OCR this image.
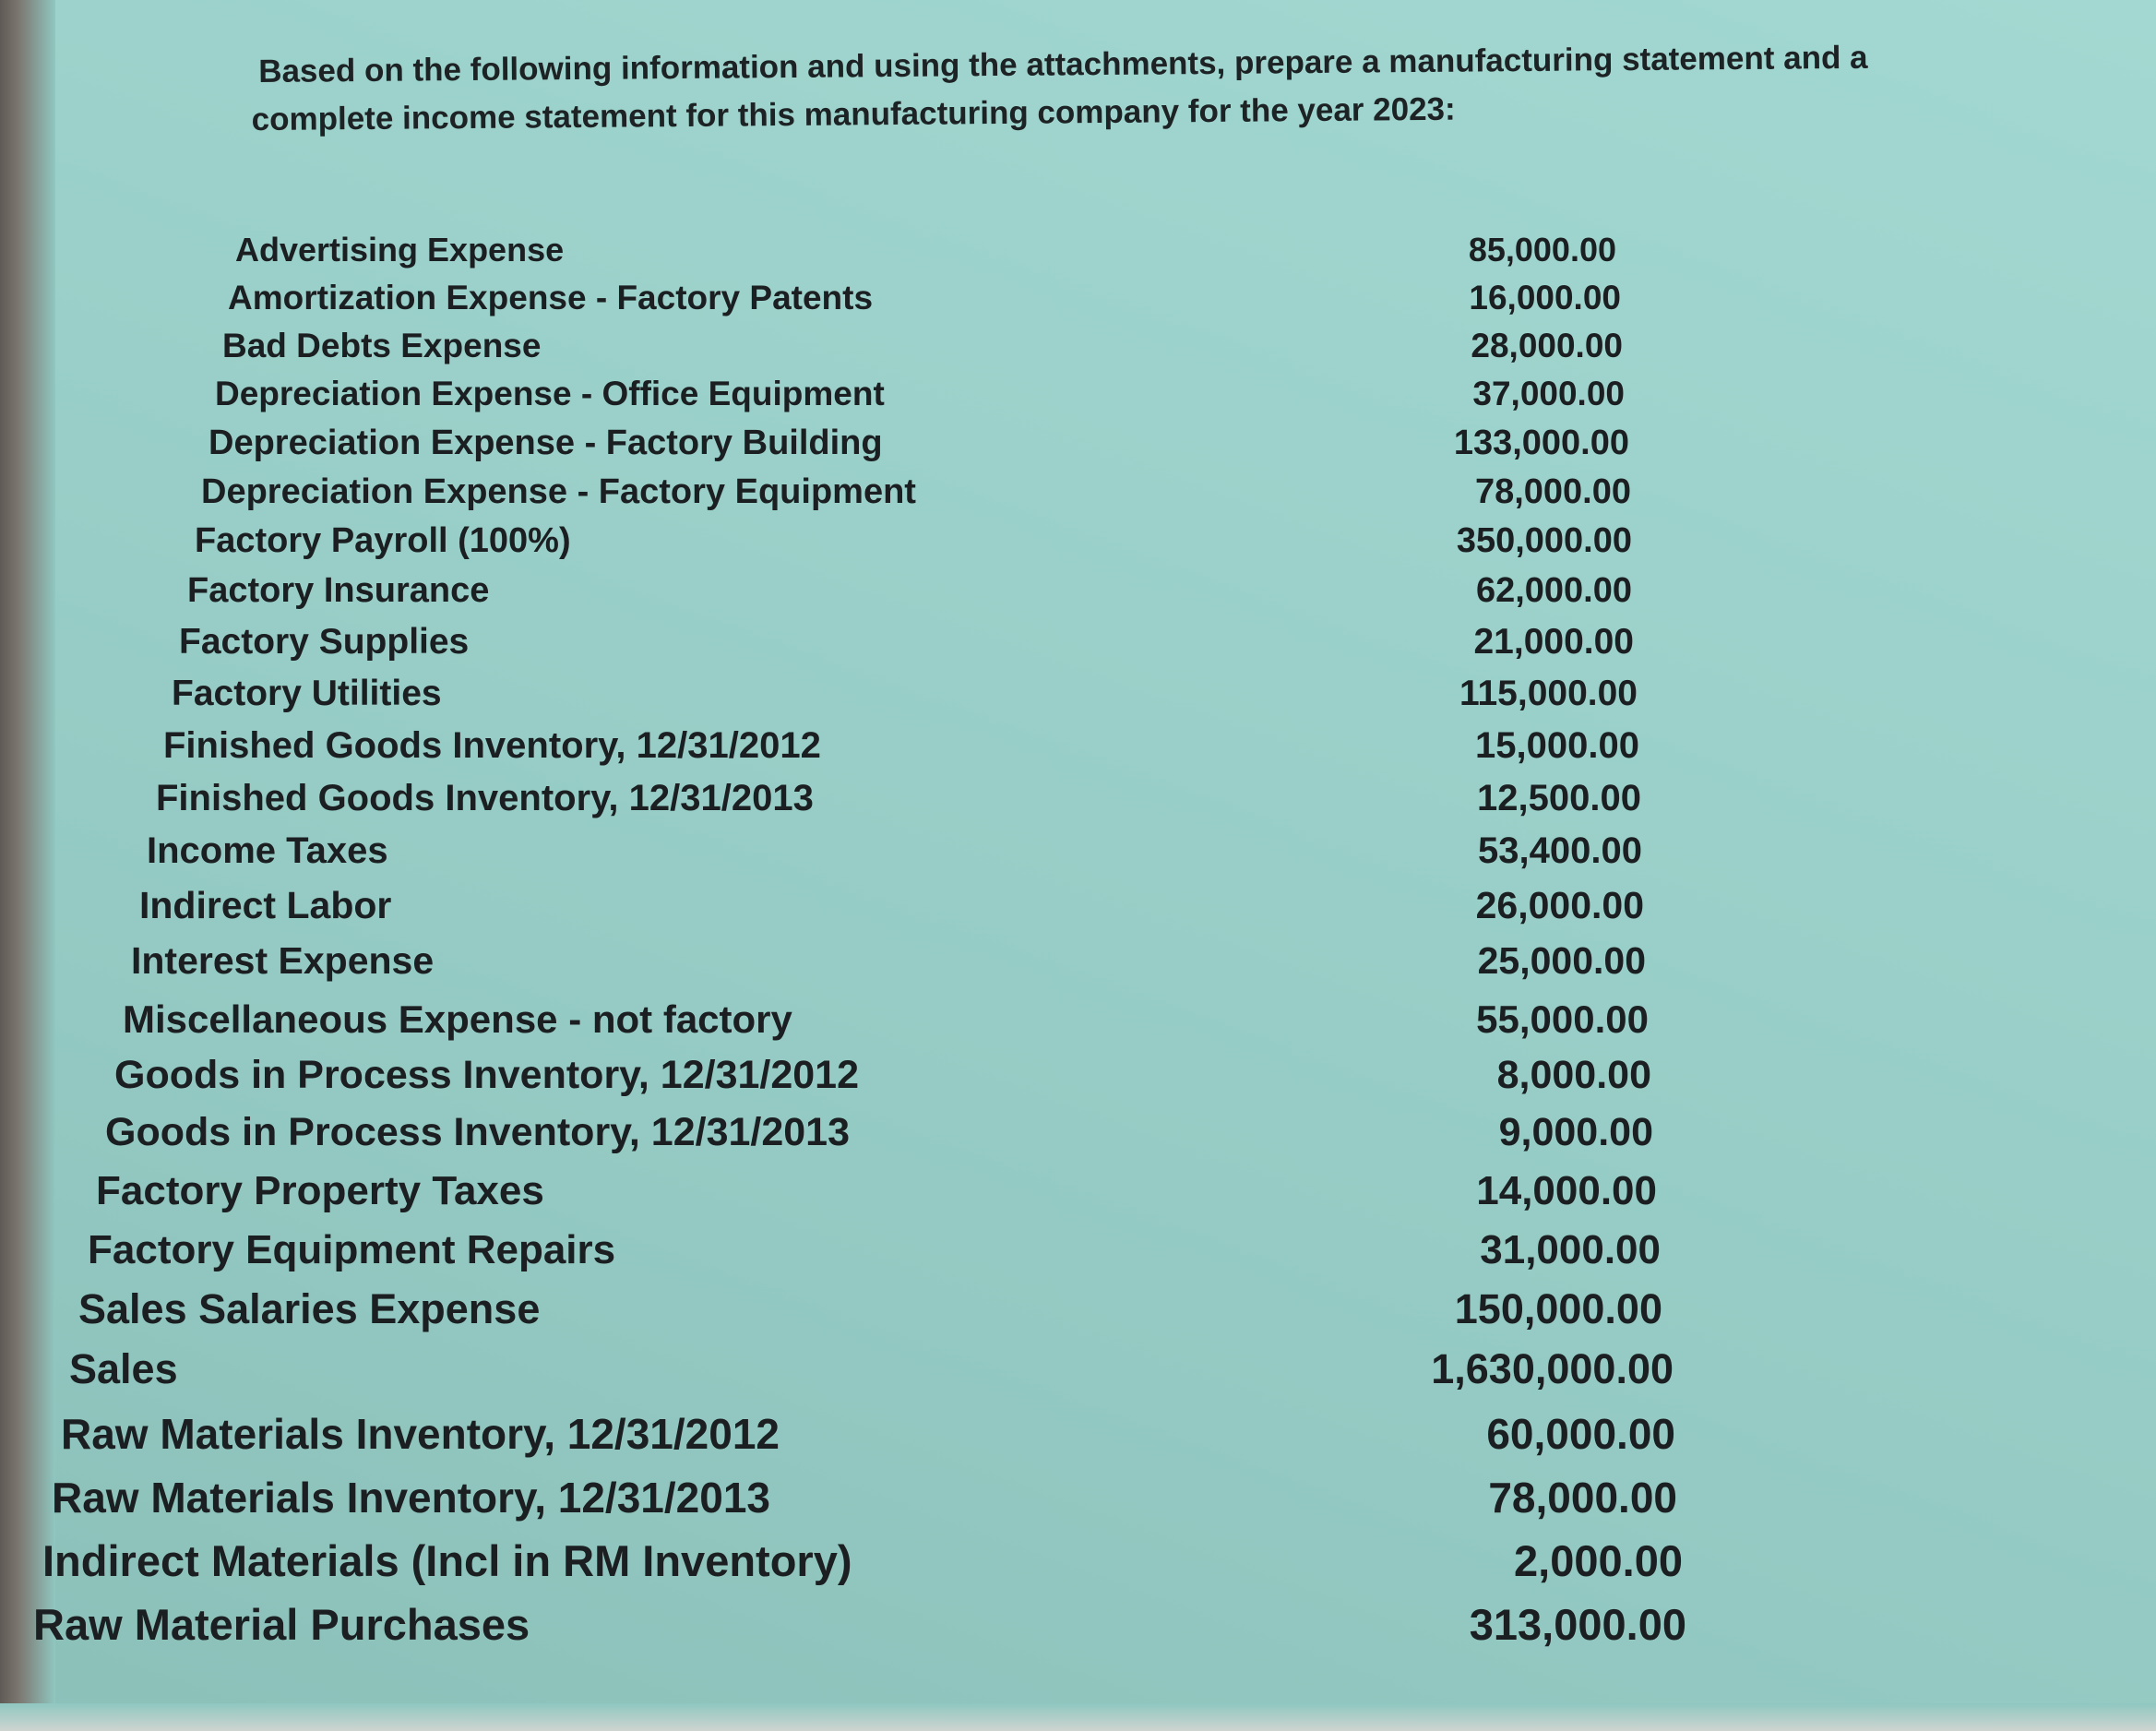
Based on the following information and using the attachments, prepare a manufacturing statement and a
complete income statement for this manufacturing company for the year 2023:

Advertising Expense	85,000.00
Amortization Expense - Factory Patents	16,000.00
Bad Debts Expense	28,000.00
Depreciation Expense - Office Equipment	37,000.00
Depreciation Expense - Factory Building	133,000.00
Depreciation Expense - Factory Equipment	78,000.00
Factory Payroll (100%)	350,000.00
Factory Insurance	62,000.00
Factory Supplies	21,000.00
Factory Utilities	115,000.00
Finished Goods Inventory, 12/31/2012	15,000.00
Finished Goods Inventory, 12/31/2013	12,500.00
Income Taxes	53,400.00
Indirect Labor	26,000.00
Interest Expense	25,000.00
Miscellaneous Expense - not factory	55,000.00
Goods in Process Inventory, 12/31/2012	8,000.00
Goods in Process Inventory, 12/31/2013	9,000.00
Factory Property Taxes	14,000.00
Factory Equipment Repairs	31,000.00
Sales Salaries Expense	150,000.00
Sales	1,630,000.00
Raw Materials Inventory, 12/31/2012	60,000.00
Raw Materials Inventory, 12/31/2013	78,000.00
Indirect Materials (Incl in RM Inventory)	2,000.00
Raw Material Purchases	313,000.00
